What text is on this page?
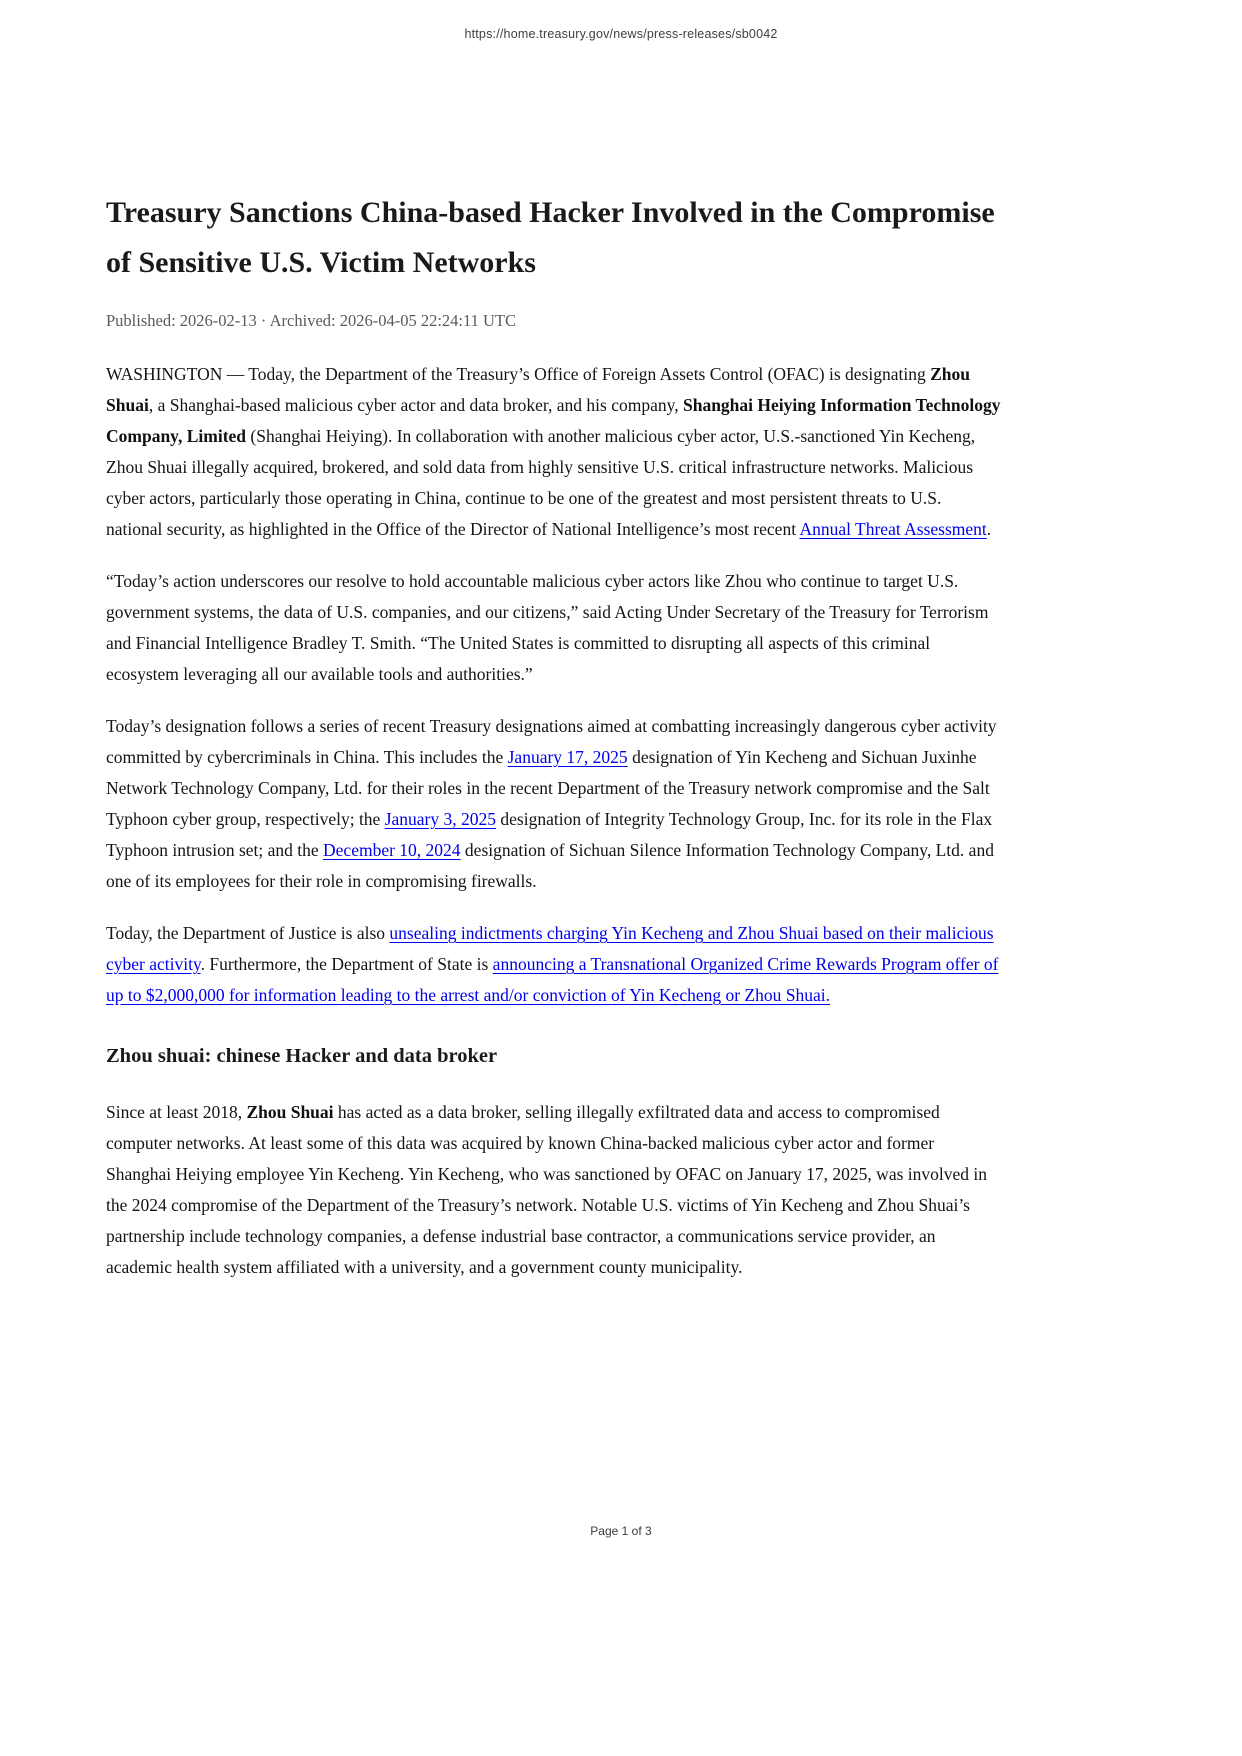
https://home.treasury.gov/news/press-releases/sb0042
Treasury Sanctions China-based Hacker Involved in the Compromise of Sensitive U.S. Victim Networks
Published: 2026-02-13 · Archived: 2026-04-05 22:24:11 UTC

WASHINGTON — Today, the Department of the Treasury’s Office of Foreign Assets Control (OFAC) is designating Zhou Shuai, a Shanghai-based malicious cyber actor and data broker, and his company, Shanghai Heiying Information Technology Company, Limited (Shanghai Heiying). In collaboration with another malicious cyber actor, U.S.-sanctioned Yin Kecheng, Zhou Shuai illegally acquired, brokered, and sold data from highly sensitive U.S. critical infrastructure networks. Malicious cyber actors, particularly those operating in China, continue to be one of the greatest and most persistent threats to U.S. national security, as highlighted in the Office of the Director of National Intelligence’s most recent Annual Threat Assessment.

“Today’s action underscores our resolve to hold accountable malicious cyber actors like Zhou who continue to target U.S. government systems, the data of U.S. companies, and our citizens,” said Acting Under Secretary of the Treasury for Terrorism and Financial Intelligence Bradley T. Smith. “The United States is committed to disrupting all aspects of this criminal ecosystem leveraging all our available tools and authorities.”

Today’s designation follows a series of recent Treasury designations aimed at combatting increasingly dangerous cyber activity committed by cybercriminals in China. This includes the January 17, 2025 designation of Yin Kecheng and Sichuan Juxinhe Network Technology Company, Ltd. for their roles in the recent Department of the Treasury network compromise and the Salt Typhoon cyber group, respectively; the January 3, 2025 designation of Integrity Technology Group, Inc. for its role in the Flax Typhoon intrusion set; and the December 10, 2024 designation of Sichuan Silence Information Technology Company, Ltd. and one of its employees for their role in compromising firewalls.

Today, the Department of Justice is also unsealing indictments charging Yin Kecheng and Zhou Shuai based on their malicious cyber activity. Furthermore, the Department of State is announcing a Transnational Organized Crime Rewards Program offer of up to $2,000,000 for information leading to the arrest and/or conviction of Yin Kecheng or Zhou Shuai.

Zhou shuai: chinese Hacker and data broker

Since at least 2018, Zhou Shuai has acted as a data broker, selling illegally exfiltrated data and access to compromised computer networks. At least some of this data was acquired by known China-backed malicious cyber actor and former Shanghai Heiying employee Yin Kecheng. Yin Kecheng, who was sanctioned by OFAC on January 17, 2025, was involved in the 2024 compromise of the Department of the Treasury’s network. Notable U.S. victims of Yin Kecheng and Zhou Shuai’s partnership include technology companies, a defense industrial base contractor, a communications service provider, an academic health system affiliated with a university, and a government county municipality.

Page 1 of 3
